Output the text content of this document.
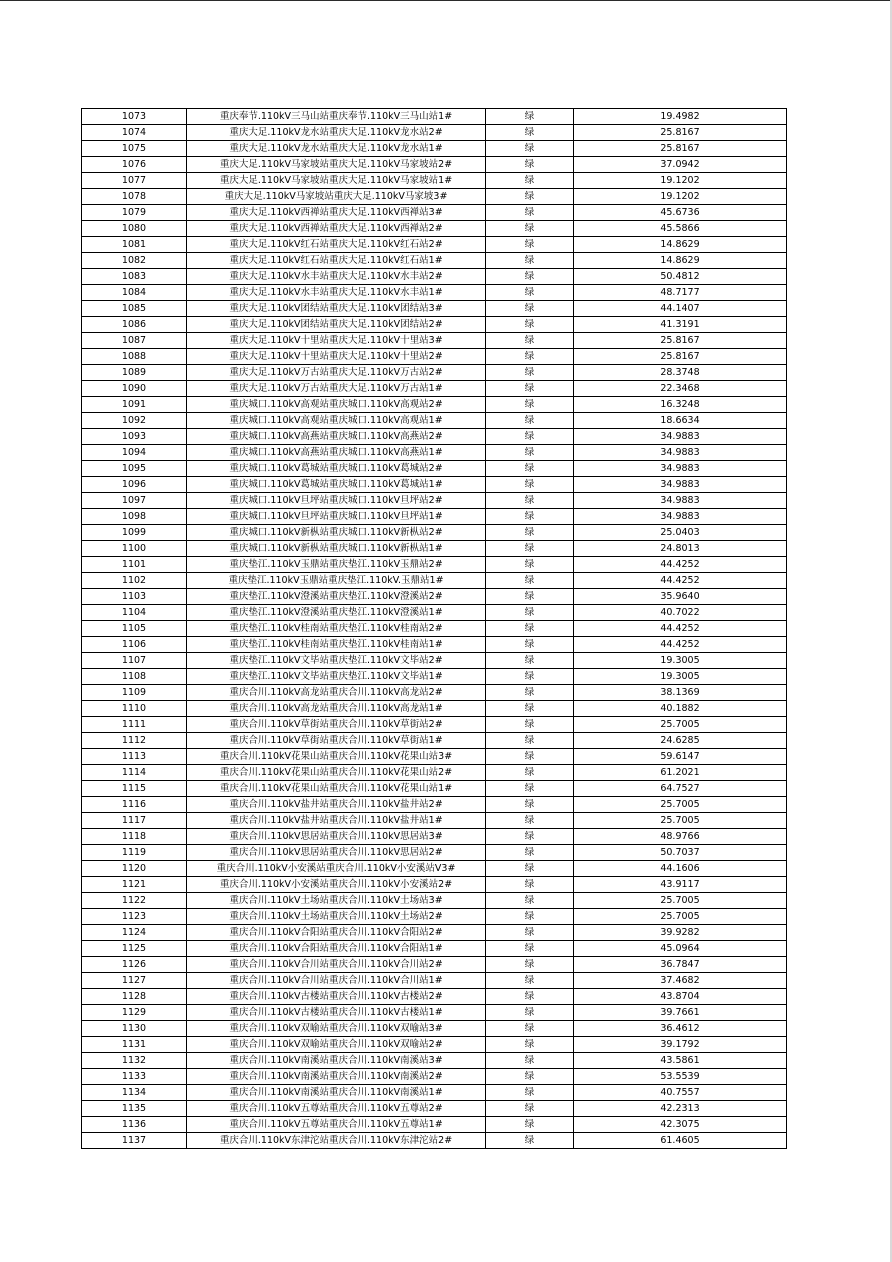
1073	重庆奉节.110kV三马山站重庆奉节.110kV三马山站1#	绿	19.4982
1074	重庆大足.110kV龙水站重庆大足.110kV龙水站2#	绿	25.8167
1075	重庆大足.110kV龙水站重庆大足.110kV龙水站1#	绿	25.8167
1076	重庆大足.110kV马家坡站重庆大足.110kV马家坡站2#	绿	37.0942
1077	重庆大足.110kV马家坡站重庆大足.110kV马家坡站1#	绿	19.1202
1078	重庆大足.110kV马家坡站重庆大足.110kV马家坡3#	绿	19.1202
1079	重庆大足.110kV西禅站重庆大足.110kV西禅站3#	绿	45.6736
1080	重庆大足.110kV西禅站重庆大足.110kV西禅站2#	绿	45.5866
1081	重庆大足.110kV红石站重庆大足.110kV红石站2#	绿	14.8629
1082	重庆大足.110kV红石站重庆大足.110kV红石站1#	绿	14.8629
1083	重庆大足.110kV水丰站重庆大足.110kV水丰站2#	绿	50.4812
1084	重庆大足.110kV水丰站重庆大足.110kV水丰站1#	绿	48.7177
1085	重庆大足.110kV团结站重庆大足.110kV团结站3#	绿	44.1407
1086	重庆大足.110kV团结站重庆大足.110kV团结站2#	绿	41.3191
1087	重庆大足.110kV十里站重庆大足.110kV十里站3#	绿	25.8167
1088	重庆大足.110kV十里站重庆大足.110kV十里站2#	绿	25.8167
1089	重庆大足.110kV万古站重庆大足.110kV万古站2#	绿	28.3748
1090	重庆大足.110kV万古站重庆大足.110kV万古站1#	绿	22.3468
1091	重庆城口.110kV高观站重庆城口.110kV高观站2#	绿	16.3248
1092	重庆城口.110kV高观站重庆城口.110kV高观站1#	绿	18.6634
1093	重庆城口.110kV高燕站重庆城口.110kV高燕站2#	绿	34.9883
1094	重庆城口.110kV高燕站重庆城口.110kV高燕站1#	绿	34.9883
1095	重庆城口.110kV葛城站重庆城口.110kV葛城站2#	绿	34.9883
1096	重庆城口.110kV葛城站重庆城口.110kV葛城站1#	绿	34.9883
1097	重庆城口.110kV旦坪站重庆城口.110kV旦坪站2#	绿	34.9883
1098	重庆城口.110kV旦坪站重庆城口.110kV旦坪站1#	绿	34.9883
1099	重庆城口.110kV新枞站重庆城口.110kV新枞站2#	绿	25.0403
1100	重庆城口.110kV新枞站重庆城口.110kV新枞站1#	绿	24.8013
1101	重庆垫江.110kV玉鼎站重庆垫江.110kV玉鼎站2#	绿	44.4252
1102	重庆垫江.110kV玉鼎站重庆垫江.110kV.玉鼎站1#	绿	44.4252
1103	重庆垫江.110kV澄溪站重庆垫江.110kV澄溪站2#	绿	35.9640
1104	重庆垫江.110kV澄溪站重庆垫江.110kV澄溪站1#	绿	40.7022
1105	重庆垫江.110kV桂南站重庆垫江.110kV桂南站2#	绿	44.4252
1106	重庆垫江.110kV桂南站重庆垫江.110kV桂南站1#	绿	44.4252
1107	重庆垫江.110kV文毕站重庆垫江.110kV文毕站2#	绿	19.3005
1108	重庆垫江.110kV文毕站重庆垫江.110kV文毕站1#	绿	19.3005
1109	重庆合川.110kV高龙站重庆合川.110kV高龙站2#	绿	38.1369
1110	重庆合川.110kV高龙站重庆合川.110kV高龙站1#	绿	40.1882
1111	重庆合川.110kV草街站重庆合川.110kV草街站2#	绿	25.7005
1112	重庆合川.110kV草街站重庆合川.110kV草街站1#	绿	24.6285
1113	重庆合川.110kV花果山站重庆合川.110kV花果山站3#	绿	59.6147
1114	重庆合川.110kV花果山站重庆合川.110kV花果山站2#	绿	61.2021
1115	重庆合川.110kV花果山站重庆合川.110kV花果山站1#	绿	64.7527
1116	重庆合川.110kV盐井站重庆合川.110kV盐井站2#	绿	25.7005
1117	重庆合川.110kV盐井站重庆合川.110kV盐井站1#	绿	25.7005
1118	重庆合川.110kV思居站重庆合川.110kV思居站3#	绿	48.9766
1119	重庆合川.110kV思居站重庆合川.110kV思居站2#	绿	50.7037
1120	重庆合川.110kV小安溪站重庆合川.110kV小安溪站V3#	绿	44.1606
1121	重庆合川.110kV小安溪站重庆合川.110kV小安溪站2#	绿	43.9117
1122	重庆合川.110kV土场站重庆合川.110kV土场站3#	绿	25.7005
1123	重庆合川.110kV土场站重庆合川.110kV土场站2#	绿	25.7005
1124	重庆合川.110kV合阳站重庆合川.110kV合阳站2#	绿	39.9282
1125	重庆合川.110kV合阳站重庆合川.110kV合阳站1#	绿	45.0964
1126	重庆合川.110kV合川站重庆合川.110kV合川站2#	绿	36.7847
1127	重庆合川.110kV合川站重庆合川.110kV合川站1#	绿	37.4682
1128	重庆合川.110kV古楼站重庆合川.110kV古楼站2#	绿	43.8704
1129	重庆合川.110kV古楼站重庆合川.110kV古楼站1#	绿	39.7661
1130	重庆合川.110kV双喻站重庆合川.110kV双喻站3#	绿	36.4612
1131	重庆合川.110kV双喻站重庆合川.110kV双喻站2#	绿	39.1792
1132	重庆合川.110kV南溪站重庆合川.110kV南溪站3#	绿	43.5861
1133	重庆合川.110kV南溪站重庆合川.110kV南溪站2#	绿	53.5539
1134	重庆合川.110kV南溪站重庆合川.110kV南溪站1#	绿	40.7557
1135	重庆合川.110kV五尊站重庆合川.110kV五尊站2#	绿	42.2313
1136	重庆合川.110kV五尊站重庆合川.110kV五尊站1#	绿	42.3075
1137	重庆合川.110kV东津沱站重庆合川.110kV东津沱站2#	绿	61.4605
